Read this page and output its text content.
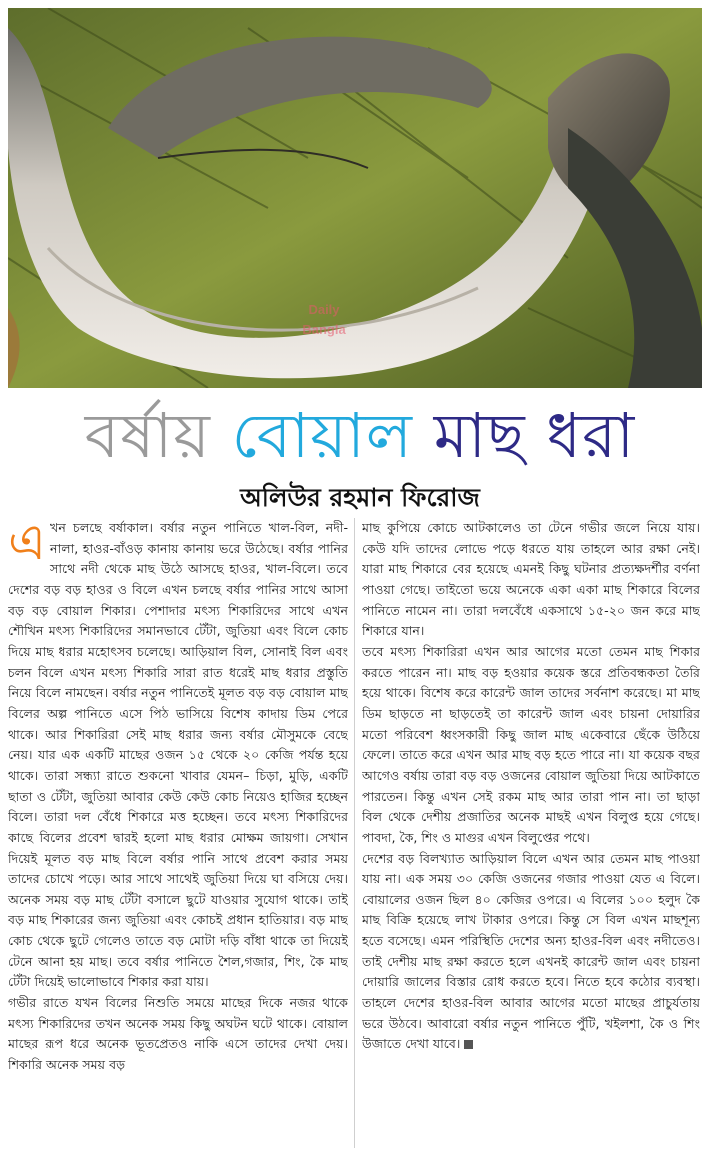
Daily
Bangla
বর্ষায় বোয়াল মাছ ধরা
অলিউর রহমান ফিরোজ

এখন চলছে বর্ষাকাল। বর্ষার নতুন পানিতে খাল-বিল, নদী-নালা, হাওর-বাঁওড় কানায় কানায় ভরে উঠেছে। বর্ষার পানির সাথে নদী থেকে মাছ উঠে আসছে হাওর, খাল-বিলে। তবে দেশের বড় বড় হাওর ও বিলে এখন চলছে বর্ষার পানির সাথে আসা বড় বড় বোয়াল শিকার। পেশাদার মৎস্য শিকারিদের সাথে এখন শৌখিন মৎস্য শিকারিদের সমানভাবে টেঁটা, জুতিয়া এবং বিলে কোচ দিয়ে মাছ ধরার মহোৎসব চলেছে। আড়িয়াল বিল, সোনাই বিল এবং চলন বিলে এখন মৎস্য শিকারি সারা রাত ধরেই মাছ ধরার প্রস্তুতি নিয়ে বিলে নামছেন। বর্ষার নতুন পানিতেই মূলত বড় বড় বোয়াল মাছ বিলের অল্প পানিতে এসে পিঠ ভাসিয়ে বিশেষ কাদায় ডিম পেরে থাকে। আর শিকারিরা সেই মাছ ধরার জন্য বর্ষার মৌসুমকে বেছে নেয়। যার এক একটি মাছের ওজন ১৫ থেকে ২০ কেজি পর্যন্ত হয়ে থাকে। তারা সন্ধ্যা রাতে শুকনো খাবার যেমন– চিড়া, মুড়ি, একটি ছাতা ও টেঁটা, জুতিয়া আবার কেউ কেউ কোচ নিয়েও হাজির হচ্ছেন বিলে। তারা দল বেঁধে শিকারে মত্ত হচ্ছেন। তবে মৎস্য শিকারিদের কাছে বিলের প্রবেশ দ্বারই হলো মাছ ধরার মোক্ষম জায়গা। সেখান দিয়েই মূলত বড় মাছ বিলে বর্ষার পানি সাথে প্রবেশ করার সময় তাদের চোখে পড়ে। আর সাথে সাথেই জুতিয়া দিয়ে ঘা বসিয়ে দেয়। অনেক সময় বড় মাছ টেঁটা বসালে ছুটে যাওয়ার সুযোগ থাকে। তাই বড় মাছ শিকারের জন্য জুতিয়া এবং কোচই প্রধান হাতিয়ার। বড় মাছ কোচ থেকে ছুটে গেলেও তাতে বড় মোটা দড়ি বাঁধা থাকে তা দিয়েই টেনে আনা হয় মাছ। তবে বর্ষার পানিতে শৈল,গজার, শিং, কৈ মাছ টেঁটা দিয়েই ভালোভাবে শিকার করা যায়।

গভীর রাতে যখন বিলের নিশুতি সময়ে মাছের দিকে নজর থাকে মৎস্য শিকারিদের তখন অনেক সময় কিছু অঘটন ঘটে থাকে। বোয়াল মাছের রূপ ধরে অনেক ভূতপ্রেতও নাকি এসে তাদের দেখা দেয়। শিকারি অনেক সময় বড়

মাছ কুপিয়ে কোচে আটকালেও তা টেনে গভীর জলে নিয়ে যায়। কেউ যদি তাদের লোভে পড়ে ধরতে যায় তাহলে আর রক্ষা নেই। যারা মাছ শিকারে বের হয়েছে এমনই কিছু ঘটনার প্রত্যক্ষদর্শীর বর্ণনা পাওয়া গেছে। তাইতো ভয়ে অনেকে একা একা মাছ শিকারে বিলের পানিতে নামেন না। তারা দলবেঁধে একসাথে ১৫-২০ জন করে মাছ শিকারে যান।

তবে মৎস্য শিকারিরা এখন আর আগের মতো তেমন মাছ শিকার করতে পারেন না। মাছ বড় হওয়ার কয়েক স্তরে প্রতিবন্ধকতা তৈরি হয়ে থাকে। বিশেষ করে কারেন্ট জাল তাদের সর্বনাশ করেছে। মা মাছ ডিম ছাড়তে না ছাড়তেই তা কারেন্ট জাল এবং চায়না দোয়ারির মতো পরিবেশ ধ্বংসকারী কিছু জাল মাছ একেবারে ছেঁকে উঠিয়ে ফেলে। তাতে করে এখন আর মাছ বড় হতে পারে না। যা কয়েক বছর আগেও বর্ষায় তারা বড় বড় ওজনের বোয়াল জুতিয়া দিয়ে আটকাতে পারতেন। কিন্তু এখন সেই রকম মাছ আর তারা পান না। তা ছাড়া বিল থেকে দেশীয় প্রজাতির অনেক মাছই এখন বিলুপ্ত হয়ে গেছে। পাবদা, কৈ, শিং ও মাগুর এখন বিলুপ্তের পথে।

দেশের বড় বিলখ্যাত আড়িয়াল বিলে এখন আর তেমন মাছ পাওয়া যায় না। এক সময় ৩০ কেজি ওজনের গজার পাওয়া যেত এ বিলে। বোয়ালের ওজন ছিল ৪০ কেজির ওপরে। এ বিলের ১০০ হলুদ কৈ মাছ বিক্রি হয়েছে লাখ টাকার ওপরে। কিন্তু সে বিল এখন মাছশূন্য হতে বসেছে। এমন পরিস্থিতি দেশের অন্য হাওর-বিল এবং নদীতেও। তাই দেশীয় মাছ রক্ষা করতে হলে এখনই কারেন্ট জাল এবং চায়না দোয়ারি জালের বিস্তার রোধ করতে হবে। নিতে হবে কঠোর ব্যবস্থা। তাহলে দেশের হাওর-বিল আবার আগের মতো মাছের প্রাচুর্যতায় ভরে উঠবে। আবারো বর্ষার নতুন পানিতে পুঁটি, খইলশা, কৈ ও শিং উজাতে দেখা যাবে।
